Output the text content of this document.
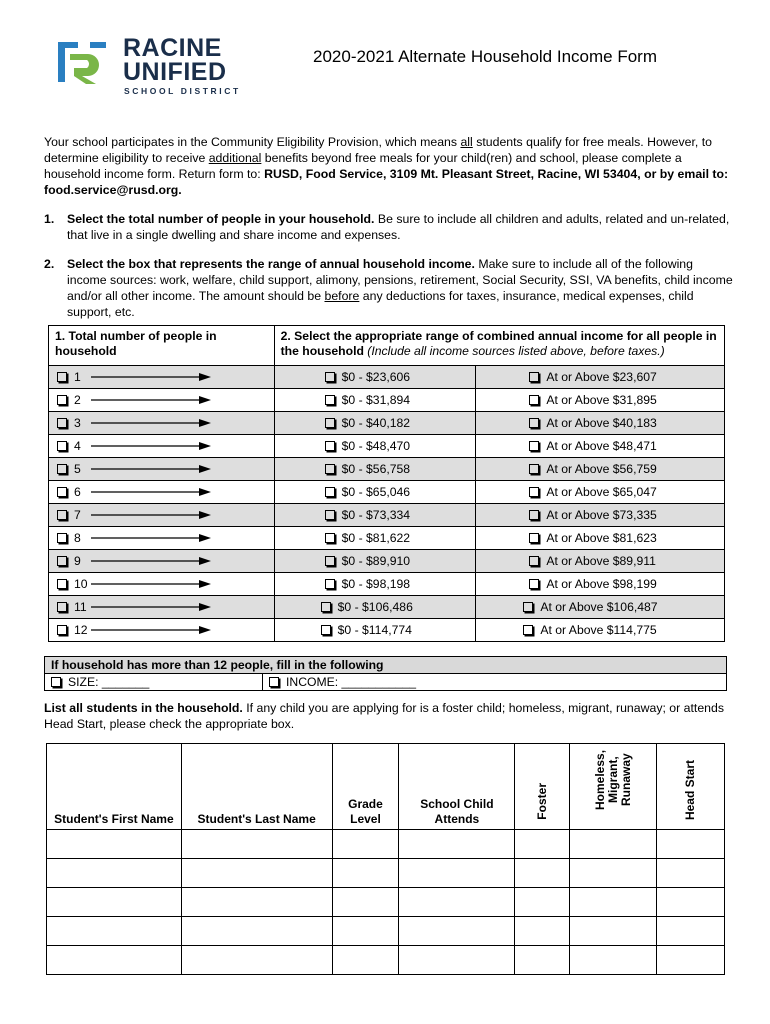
RACINE
UNIFIED
SCHOOL DISTRICT
2020-2021 Alternate Household Income Form
Your school participates in the Community Eligibility Provision, which means all students qualify for free meals. However, to determine eligibility to receive additional benefits beyond free meals for your child(ren) and school, please complete a household income form. Return form to: RUSD, Food Service, 3109 Mt. Pleasant Street, Racine, WI 53404, or by email to: food.service@rusd.org.
1. Select the total number of people in your household. Be sure to include all children and adults, related and un-related, that live in a single dwelling and share income and expenses.
2. Select the box that represents the range of annual household income. Make sure to include all of the following income sources: work, welfare, child support, alimony, pensions, retirement, Social Security, SSI, VA benefits, child income and/or all other income. The amount should be before any deductions for taxes, insurance, medical expenses, child support, etc.
1. Total number of people in household	2. Select the appropriate range of combined annual income for all people in the household (Include all income sources listed above, before taxes.)	
1	$0 - $23,606	At or Above $23,607
2	$0 - $31,894	At or Above $31,895
3	$0 - $40,182	At or Above $40,183
4	$0 - $48,470	At or Above $48,471
5	$0 - $56,758	At or Above $56,759
6	$0 - $65,046	At or Above $65,047
7	$0 - $73,334	At or Above $73,335
8	$0 - $81,622	At or Above $81,623
9	$0 - $89,910	At or Above $89,911
10	$0 - $98,198	At or Above $98,199
11	$0 - $106,486	At or Above $106,487
12	$0 - $114,774	At or Above $114,775
If household has more than 12 people, fill in the following
SIZE: _______	INCOME: ___________
List all students in the household. If any child you are applying for is a foster child; homeless, migrant, runaway; or attends Head Start, please check the appropriate box.
Student's First Name	Student's Last Name	Grade Level	School Child Attends	Foster	Homeless, Migrant, Runaway	Head Start
